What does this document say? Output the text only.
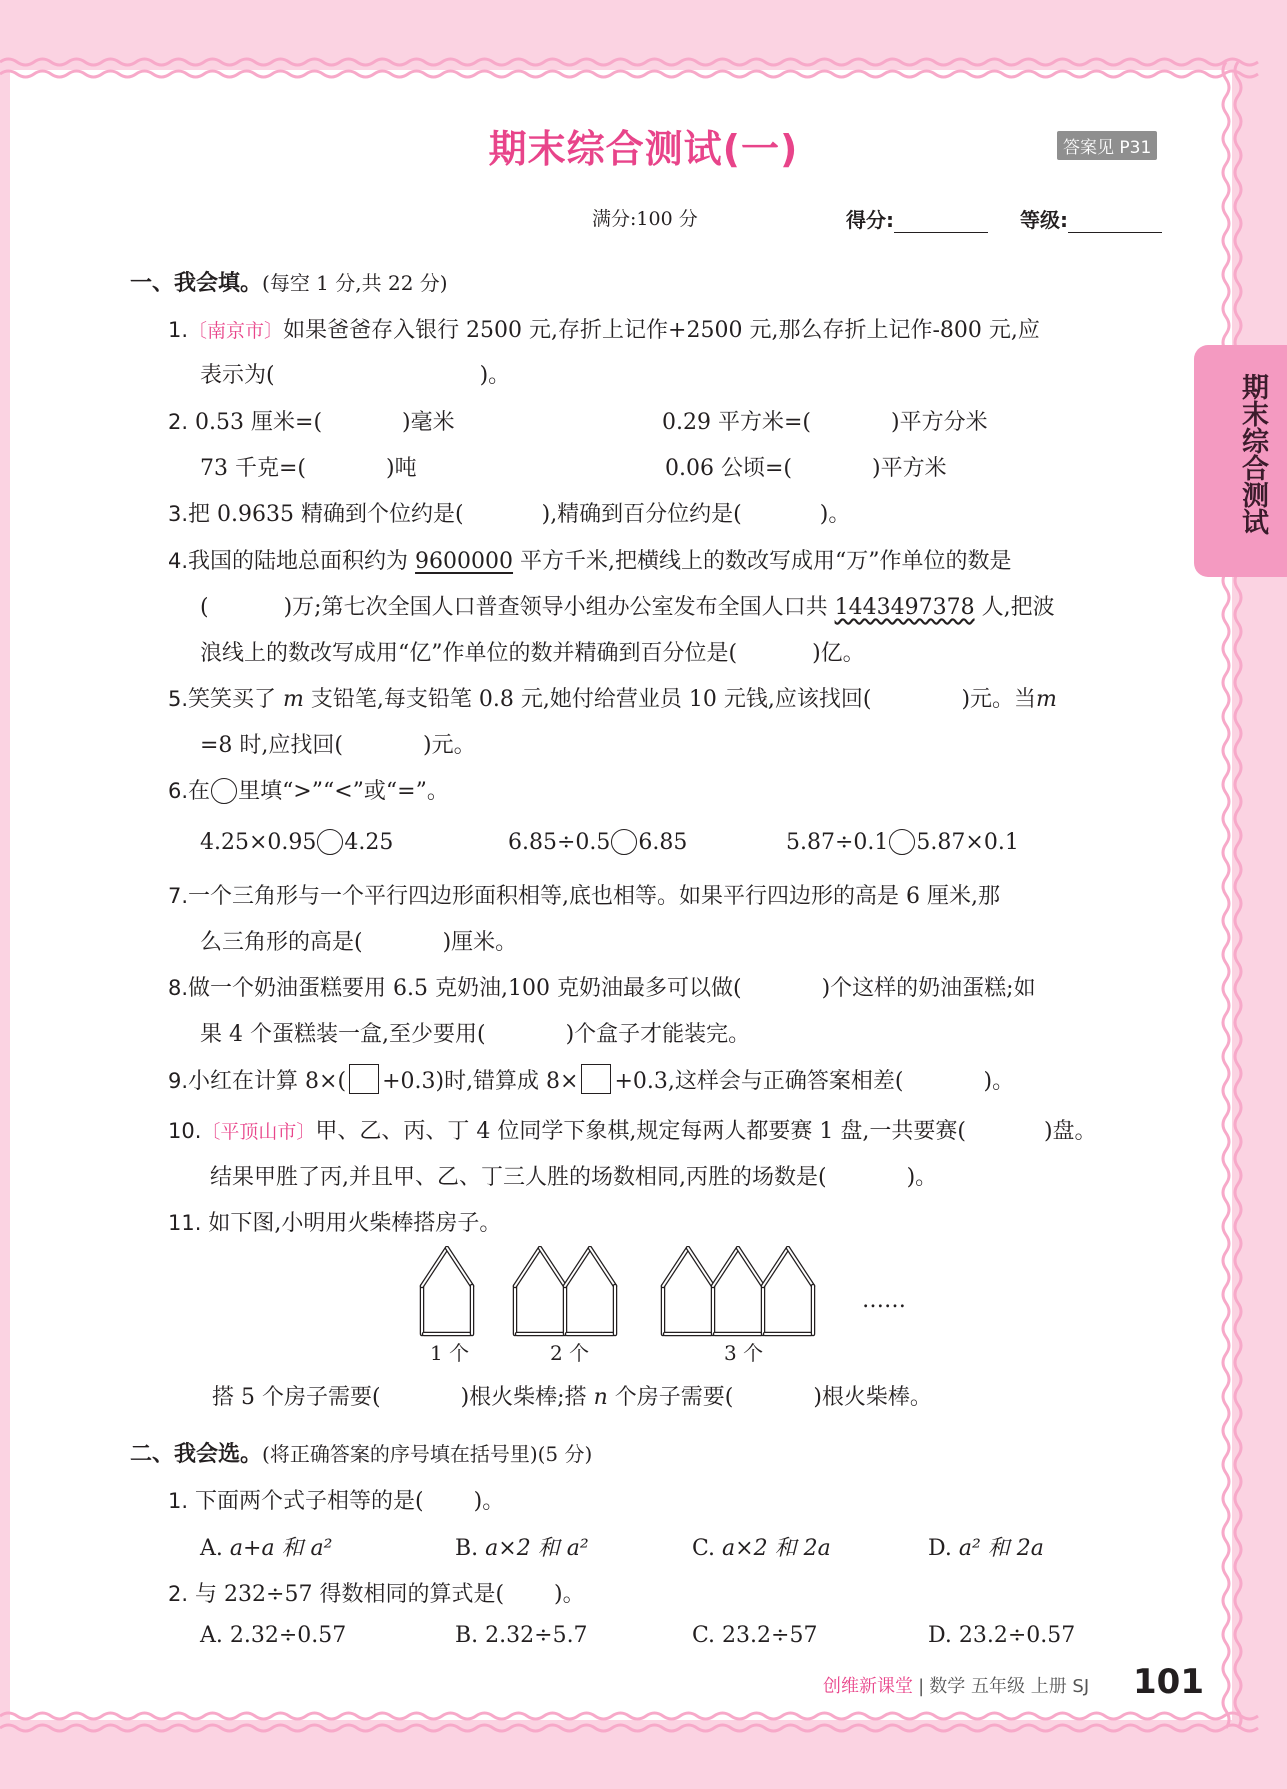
期末综合测试(一)	答案见 P31
满分:100 分	得分:	等级:
期末综合测试
一、我会填。(每空 1 分,共 22 分)
1.〔南京市〕如果爸爸存入银行 2500 元,存折上记作+2500 元,那么存折上记作-800 元,应
表示为(	)。
2. 0.53 厘米=(	)毫米	0.29 平方米=(	)平方分米
73 千克=(	)吨	0.06 公顷=(	)平方米
3.把 0.9635 精确到个位约是(	),精确到百分位约是(	)。
4.我国的陆地总面积约为 9600000 平方千米,把横线上的数改写成用“万”作单位的数是
(	)万;第七次全国人口普查领导小组办公室发布全国人口共 1443497378 人,把波
浪线上的数改写成用“亿”作单位的数并精确到百分位是(	)亿。
5.笑笑买了 m 支铅笔,每支铅笔 0.8 元,她付给营业员 10 元钱,应该找回(	)元。当m
=8 时,应找回(	)元。
6.在 里填“>”“<”或“=”。
4.25×0.95 4.25	6.85÷0.5 6.85	5.87÷0.1 5.87×0.1
7.一个三角形与一个平行四边形面积相等,底也相等。如果平行四边形的高是 6 厘米,那
么三角形的高是(	)厘米。
8.做一个奶油蛋糕要用 6.5 克奶油,100 克奶油最多可以做(	)个这样的奶油蛋糕;如
果 4 个蛋糕装一盒,至少要用(	)个盒子才能装完。
9.小红在计算 8×( +0.3)时,错算成 8× +0.3,这样会与正确答案相差(	)。
10.〔平顶山市〕甲、乙、丙、丁 4 位同学下象棋,规定每两人都要赛 1 盘,一共要赛(	)盘。
结果甲胜了丙,并且甲、乙、丁三人胜的场数相同,丙胜的场数是(	)。
11. 如下图,小明用火柴棒搭房子。
……
1 个	2 个	3 个
搭 5 个房子需要(	)根火柴棒;搭 n 个房子需要(	)根火柴棒。
二、我会选。(将正确答案的序号填在括号里)(5 分)
1. 下面两个式子相等的是( )。
A. a+a 和 a²	B. a×2 和 a²	C. a×2 和 2a	D. a² 和 2a
2. 与 232÷57 得数相同的算式是( )。
A. 2.32÷0.57	B. 2.32÷5.7	C. 23.2÷57	D. 23.2÷0.57
创维新课堂 | 数学 五年级 上册 SJ 101
